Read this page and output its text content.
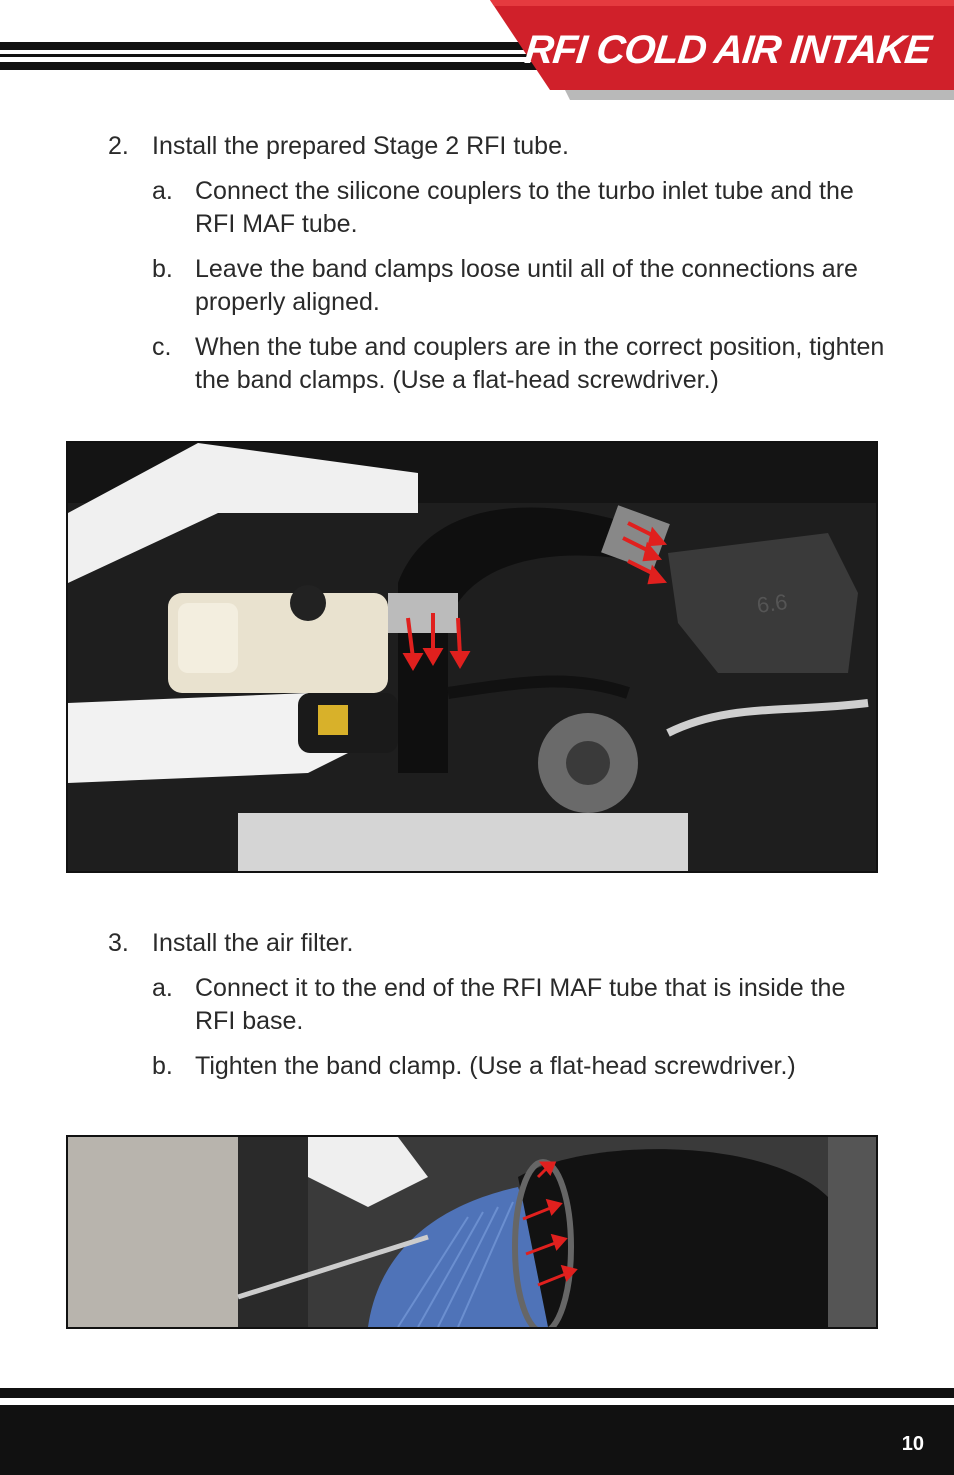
RFI COLD AIR INTAKE
2. Install the prepared Stage 2 RFI tube.
a. Connect the silicone couplers to the turbo inlet tube and the RFI MAF tube.
b. Leave the band clamps loose until all of the connections are properly aligned.
c. When the tube and couplers are in the correct position, tighten the band clamps. (Use a flat-head screwdriver.)
6.6
3. Install the air filter.
a. Connect it to the end of the RFI MAF tube that is inside the RFI base.
b. Tighten the band clamp. (Use a flat-head screwdriver.)
10
